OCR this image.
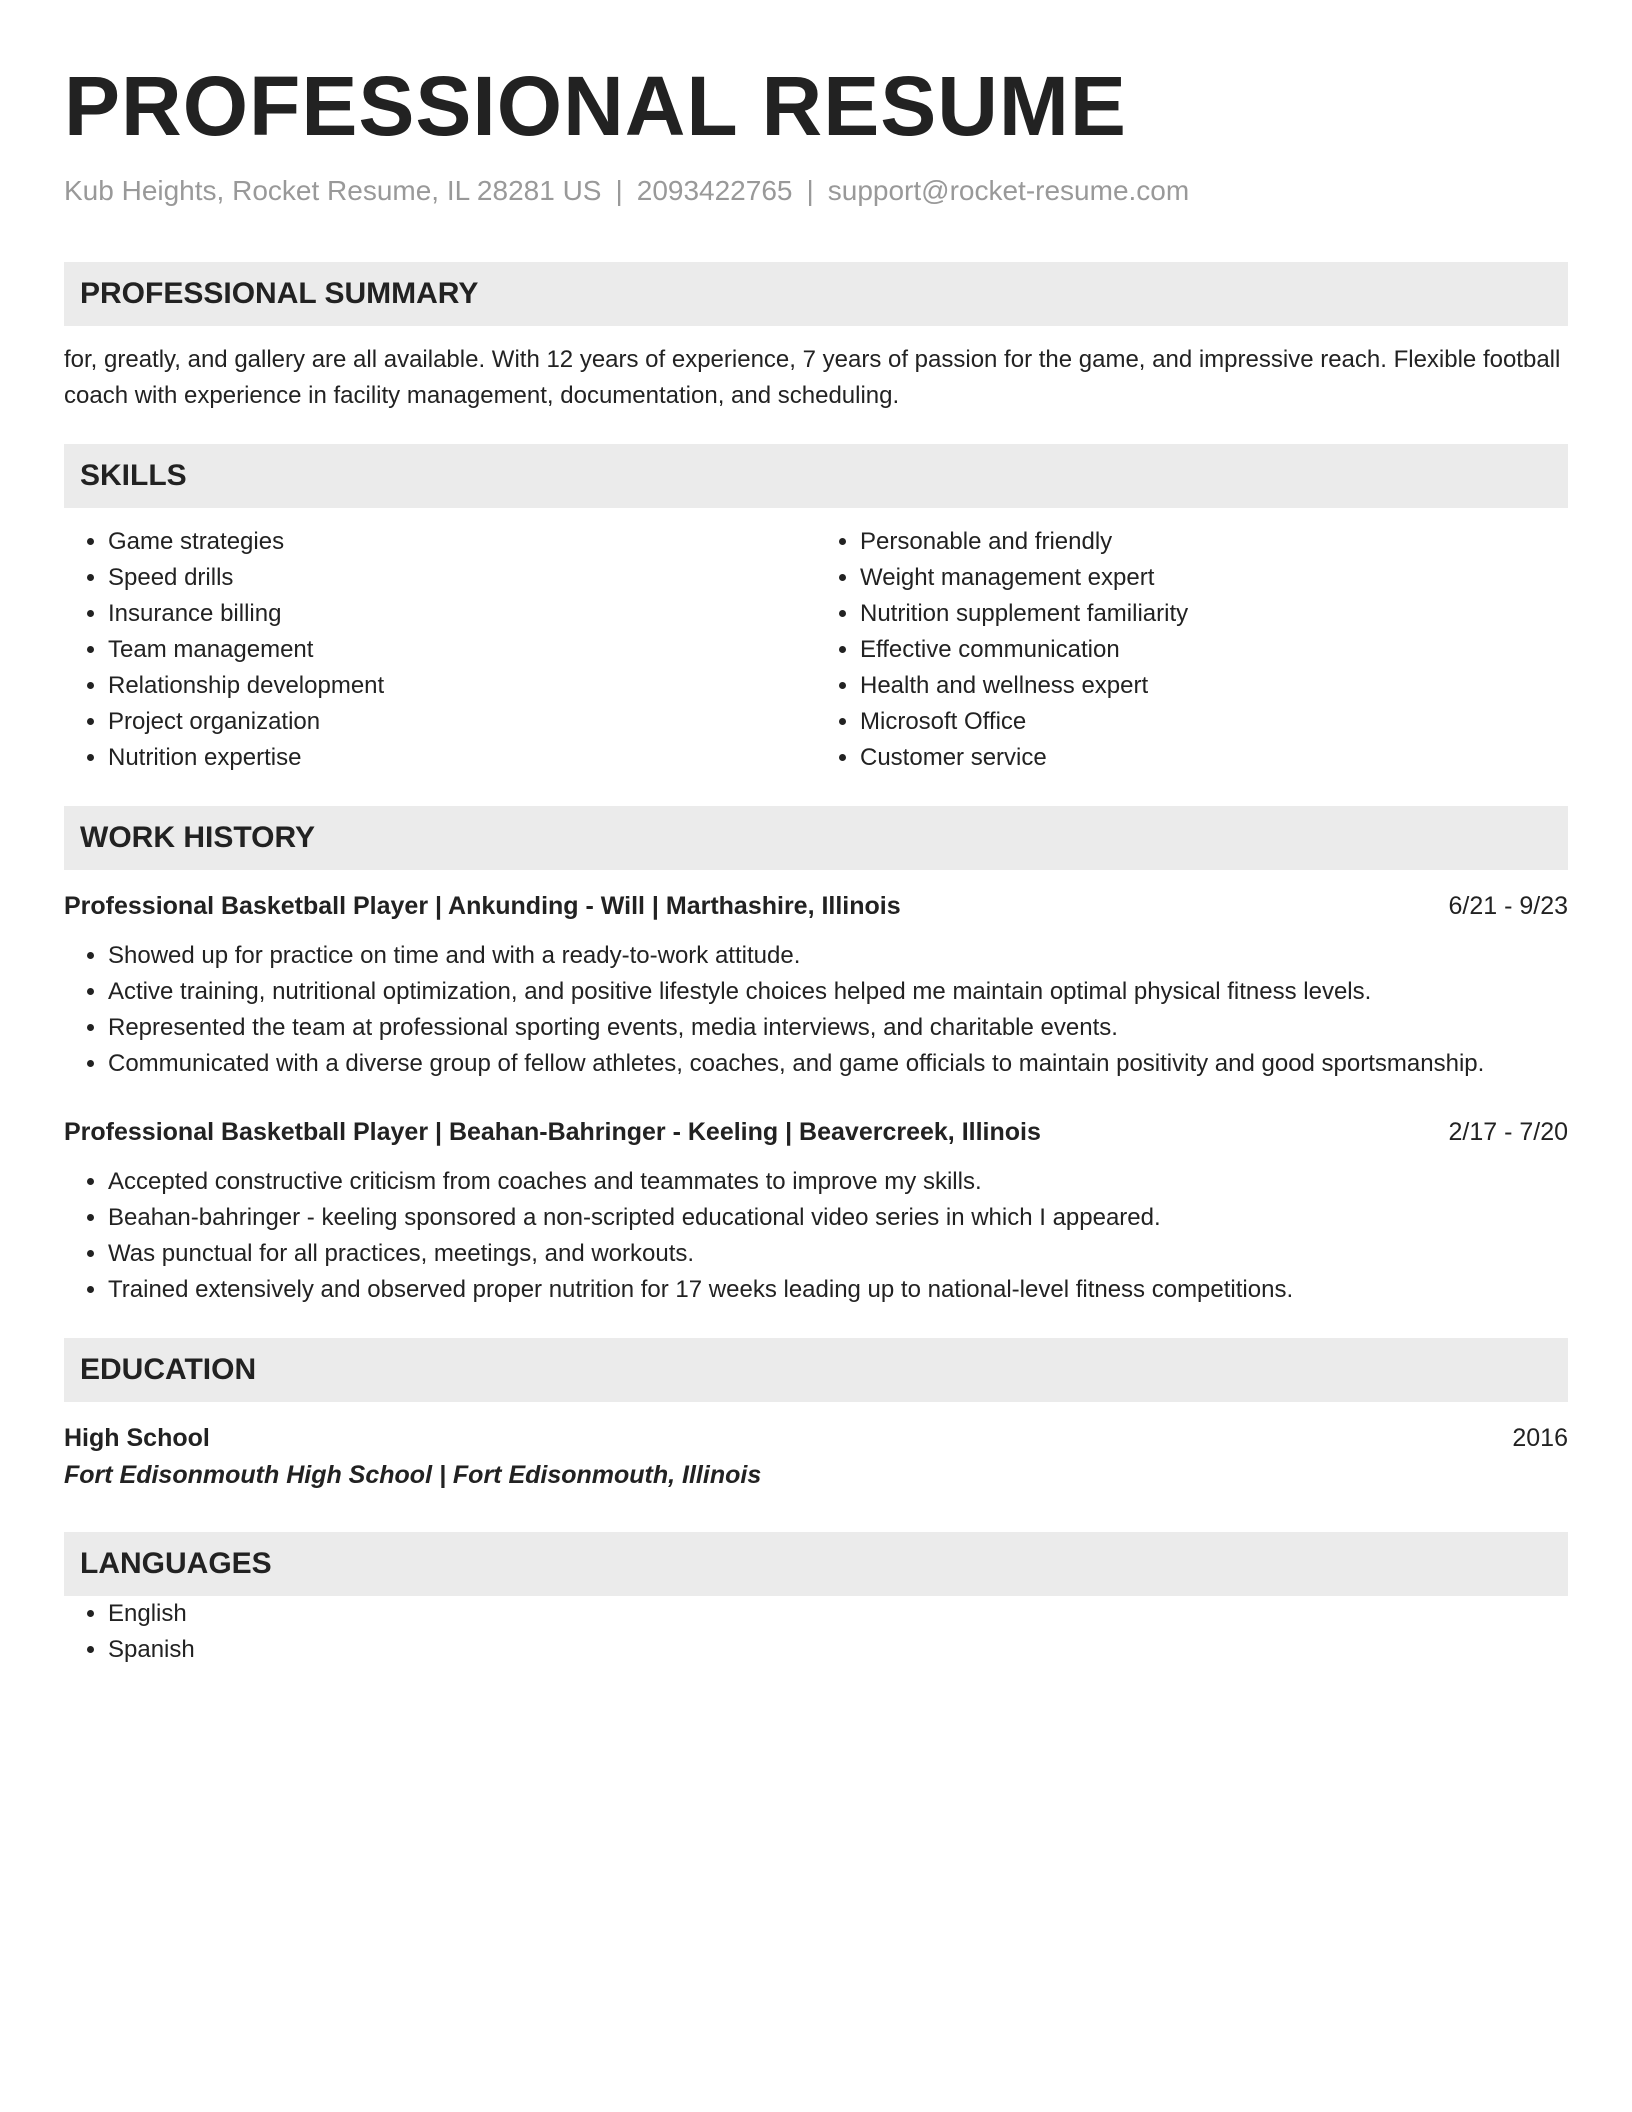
PROFESSIONAL RESUME
Kub Heights, Rocket Resume, IL 28281 US | 2093422765 | support@rocket-resume.com
PROFESSIONAL SUMMARY
for, greatly, and gallery are all available. With 12 years of experience, 7 years of passion for the game, and impressive reach. Flexible football coach with experience in facility management, documentation, and scheduling.
SKILLS
• Game strategies
• Speed drills
• Insurance billing
• Team management
• Relationship development
• Project organization
• Nutrition expertise
• Personable and friendly
• Weight management expert
• Nutrition supplement familiarity
• Effective communication
• Health and wellness expert
• Microsoft Office
• Customer service
WORK HISTORY
Professional Basketball Player | Ankunding - Will | Marthashire, Illinois	6/21 - 9/23
• Showed up for practice on time and with a ready-to-work attitude.
• Active training, nutritional optimization, and positive lifestyle choices helped me maintain optimal physical fitness levels.
• Represented the team at professional sporting events, media interviews, and charitable events.
• Communicated with a diverse group of fellow athletes, coaches, and game officials to maintain positivity and good sportsmanship.
Professional Basketball Player | Beahan-Bahringer - Keeling | Beavercreek, Illinois	2/17 - 7/20
• Accepted constructive criticism from coaches and teammates to improve my skills.
• Beahan-bahringer - keeling sponsored a non-scripted educational video series in which I appeared.
• Was punctual for all practices, meetings, and workouts.
• Trained extensively and observed proper nutrition for 17 weeks leading up to national-level fitness competitions.
EDUCATION
High School	2016
Fort Edisonmouth High School | Fort Edisonmouth, Illinois
LANGUAGES
• English
• Spanish
